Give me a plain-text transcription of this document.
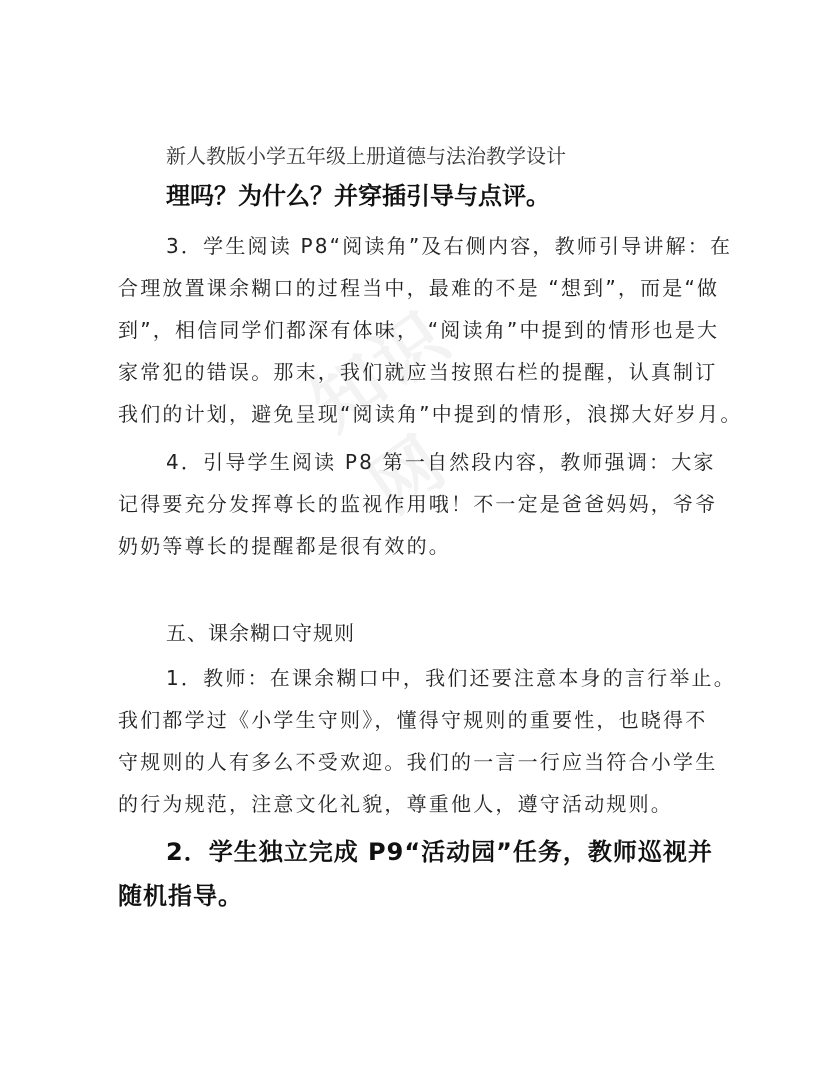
知识网
新人教版小学五年级上册道德与法治教学设计
理吗？为什么？并穿插引导与点评。
3．学生阅读 P8“阅读角”及右侧内容，教师引导讲解：在
合理放置课余糊口的过程当中，最难的不是 “想到”，而是“做
到”，相信同学们都深有体味， “阅读角”中提到的情形也是大
家常犯的错误。那末，我们就应当按照右栏的提醒，认真制订
我们的计划，避免呈现“阅读角”中提到的情形，浪掷大好岁月。
4．引导学生阅读 P8 第一自然段内容，教师强调：大家
记得要充分发挥尊长的监视作用哦！不一定是爸爸妈妈，爷爷
奶奶等尊长的提醒都是很有效的。
五、课余糊口守规则
1．教师：在课余糊口中，我们还要注意本身的言行举止。
我们都学过《小学生守则》，懂得守规则的重要性，也晓得不
守规则的人有多么不受欢迎。我们的一言一行应当符合小学生
的行为规范，注意文化礼貌，尊重他人，遵守活动规则。
2．学生独立完成 P9“活动园”任务，教师巡视并
随机指导。
